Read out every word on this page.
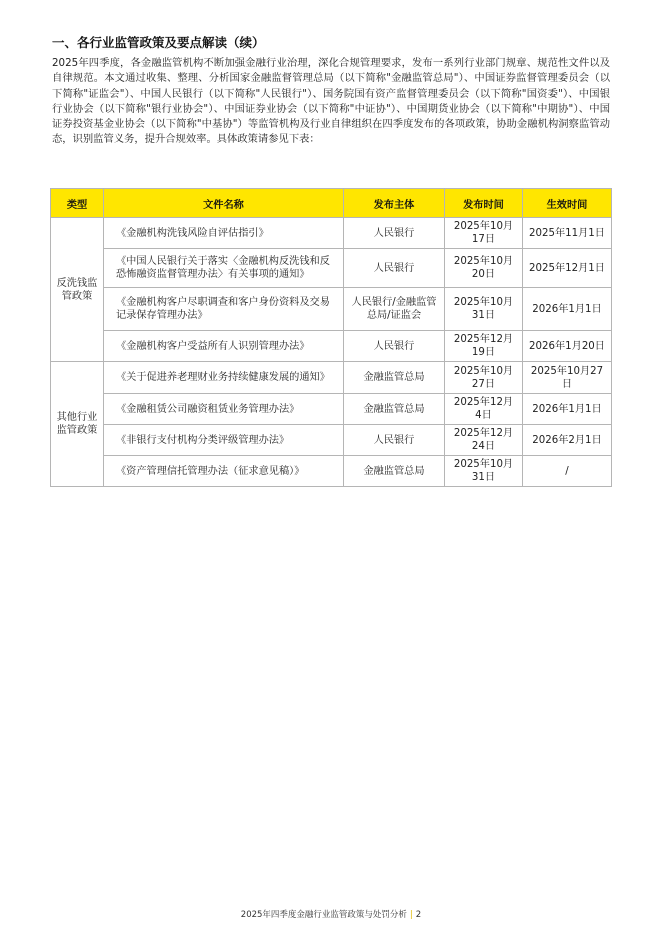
一、各行业监管政策及要点解读（续）

2025年四季度，各金融监管机构不断加强金融行业治理，深化合规管理要求，发布一系列行业部门规章、规范性文件以及自律规范。本文通过收集、整理、分析国家金融监督管理总局（以下简称"金融监管总局"）、中国证券监督管理委员会（以下简称"证监会"）、中国人民银行（以下简称"人民银行"）、国务院国有资产监督管理委员会（以下简称"国资委"）、中国银行业协会（以下简称"银行业协会"）、中国证券业协会（以下简称"中证协"）、中国期货业协会（以下简称"中期协"）、中国证券投资基金业协会（以下简称"中基协"）等监管机构及行业自律组织在四季度发布的各项政策，协助金融机构洞察监管动态，识别监管义务，提升合规效率。具体政策请参见下表：

类型	文件名称	发布主体	发布时间	生效时间
反洗钱监管政策	《金融机构洗钱风险自评估指引》	人民银行	2025年10月17日	2025年11月1日
	《中国人民银行关于落实〈金融机构反洗钱和反恐怖融资监督管理办法〉有关事项的通知》	人民银行	2025年10月20日	2025年12月1日
	《金融机构客户尽职调查和客户身份资料及交易记录保存管理办法》	人民银行/金融监管总局/证监会	2025年10月31日	2026年1月1日
	《金融机构客户受益所有人识别管理办法》	人民银行	2025年12月19日	2026年1月20日
其他行业监管政策	《关于促进养老理财业务持续健康发展的通知》	金融监管总局	2025年10月27日	2025年10月27日
	《金融租赁公司融资租赁业务管理办法》	金融监管总局	2025年12月4日	2026年1月1日
	《非银行支付机构分类评级管理办法》	人民银行	2025年12月24日	2026年2月1日
	《资产管理信托管理办法（征求意见稿）》	金融监管总局	2025年10月31日	/
2025年四季度金融行业监管政策与处罚分析 | 2
